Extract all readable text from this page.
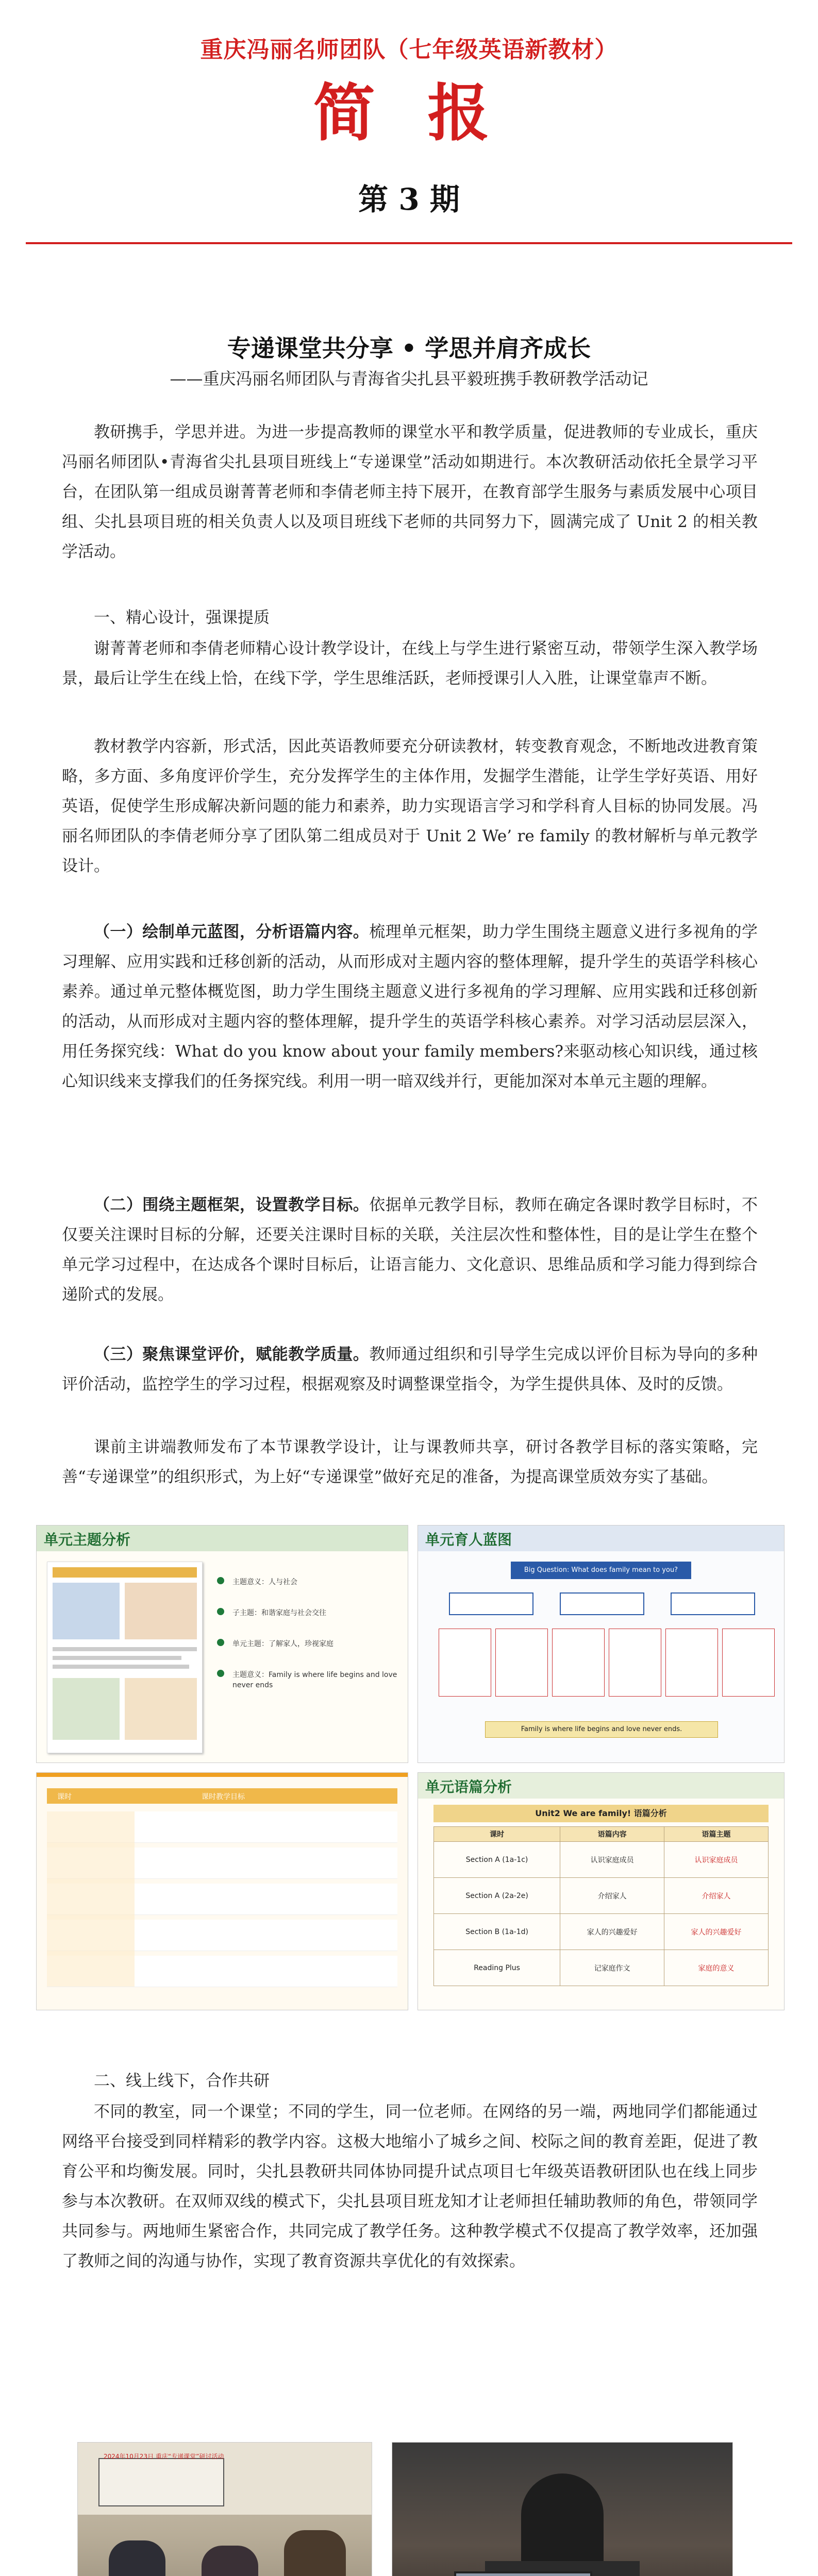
重庆冯丽名师团队（七年级英语新教材）
简 报
第 3 期
专递课堂共分享 • 学思并肩齐成长
——重庆冯丽名师团队与青海省尖扎县平毅班携手教研教学活动记

教研携手，学思并进。为进一步提高教师的课堂水平和教学质量，促进教师的专业成长，重庆冯丽名师团队•青海省尖扎县项目班线上“专递课堂”活动如期进行。本次教研活动依托全景学习平台，在团队第一组成员谢菁菁老师和李倩老师主持下展开，在教育部学生服务与素质发展中心项目组、尖扎县项目班的相关负责人以及项目班线下老师的共同努力下，圆满完成了 Unit 2 的相关教学活动。

一、精心设计，强课提质

谢菁菁老师和李倩老师精心设计教学设计，在线上与学生进行紧密互动，带领学生深入教学场景，最后让学生在线上恰，在线下学，学生思维活跃，老师授课引人入胜，让课堂靠声不断。

教材教学内容新，形式活，因此英语教师要充分研读教材，转变教育观念，不断地改进教育策略，多方面、多角度评价学生，充分发挥学生的主体作用，发掘学生潜能，让学生学好英语、用好英语，促使学生形成解决新问题的能力和素养，助力实现语言学习和学科育人目标的协同发展。冯丽名师团队的李倩老师分享了团队第二组成员对于 Unit 2 We’ re family 的教材解析与单元教学设计。

（一）绘制单元蓝图，分析语篇内容。梳理单元框架，助力学生围绕主题意义进行多视角的学习理解、应用实践和迁移创新的活动，从而形成对主题内容的整体理解，提升学生的英语学科核心素养。通过单元整体概览图，助力学生围绕主题意义进行多视角的学习理解、应用实践和迁移创新的活动，从而形成对主题内容的整体理解，提升学生的英语学科核心素养。对学习活动层层深入，用任务探究线：What do you know about your family members?来驱动核心知识线，通过核心知识线来支撑我们的任务探究线。利用一明一暗双线并行，更能加深对本单元主题的理解。

（二）围绕主题框架，设置教学目标。依据单元教学目标，教师在确定各课时教学目标时，不仅要关注课时目标的分解，还要关注课时目标的关联，关注层次性和整体性，目的是让学生在整个单元学习过程中，在达成各个课时目标后，让语言能力、文化意识、思维品质和学习能力得到综合递阶式的发展。

（三）聚焦课堂评价，赋能教学质量。教师通过组织和引导学生完成以评价目标为导向的多种评价活动，监控学生的学习过程，根据观察及时调整课堂指令，为学生提供具体、及时的反馈。

课前主讲端教师发布了本节课教学设计，让与课教师共享，研讨各教学目标的落实策略，完善“专递课堂”的组织形式，为上好“专递课堂”做好充足的准备，为提高课堂质效夯实了基础。

单元主题分析
主题意义：人与社会
子主题：和谐家庭与社会交往
单元主题：了解家人，珍视家庭
主题意义：Family is where life begins and love never ends
单元育人蓝图
Big Question: What does family mean to you?
Family is where life begins and love never ends.
课时	课时教学目标
单元语篇分析
Unit2 We are family! 语篇分析
课时	语篇内容	语篇主题
Section A (1a-1c)	认识家庭成员	认识家庭成员
Section A (2a-2e)	介绍家人	介绍家人
Section B (1a-1d)	家人的兴趣爱好	家人的兴趣爱好
Reading Plus	记家庭作文	家庭的意义

二、线上线下，合作共研

不同的教室，同一个课堂；不同的学生，同一位老师。在网络的另一端，两地同学们都能通过网络平台接受到同样精彩的教学内容。这极大地缩小了城乡之间、校际之间的教育差距，促进了教育公平和均衡发展。同时，尖扎县教研共同体协同提升试点项目七年级英语教研团队也在线上同步参与本次教研。在双师双线的模式下，尖扎县项目班龙知才让老师担任辅助教师的角色，带领同学共同参与。两地师生紧密合作，共同完成了教学任务。这种教学模式不仅提高了教学效率，还加强了教师之间的沟通与协作，实现了教育资源共享优化的有效探索。

2024年10月23日 重庆“专递课堂”研讨活动
